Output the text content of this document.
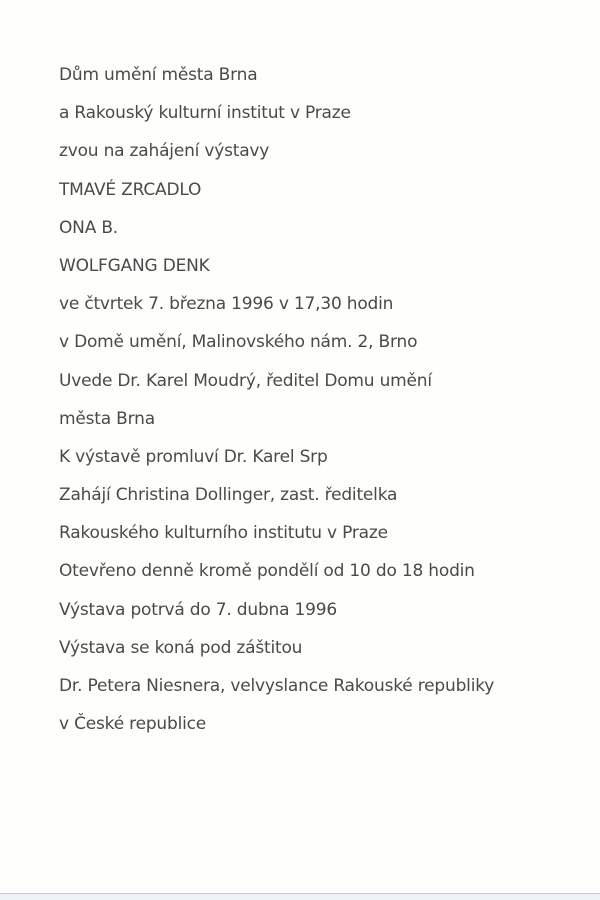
Dům umění města Brna
a Rakouský kulturní institut v Praze
zvou na zahájení výstavy
TMAVÉ ZRCADLO
ONA B.
WOLFGANG DENK
ve čtvrtek 7. března 1996 v 17,30 hodin
v Domě umění, Malinovského nám. 2, Brno
Uvede Dr. Karel Moudrý, ředitel Domu umění
města Brna
K výstavě promluví Dr. Karel Srp
Zahájí Christina Dollinger, zast. ředitelka
Rakouského kulturního institutu v Praze
Otevřeno denně kromě pondělí od 10 do 18 hodin
Výstava potrvá do 7. dubna 1996
Výstava se koná pod záštitou
Dr. Petera Niesnera, velvyslance Rakouské republiky
v České republice
